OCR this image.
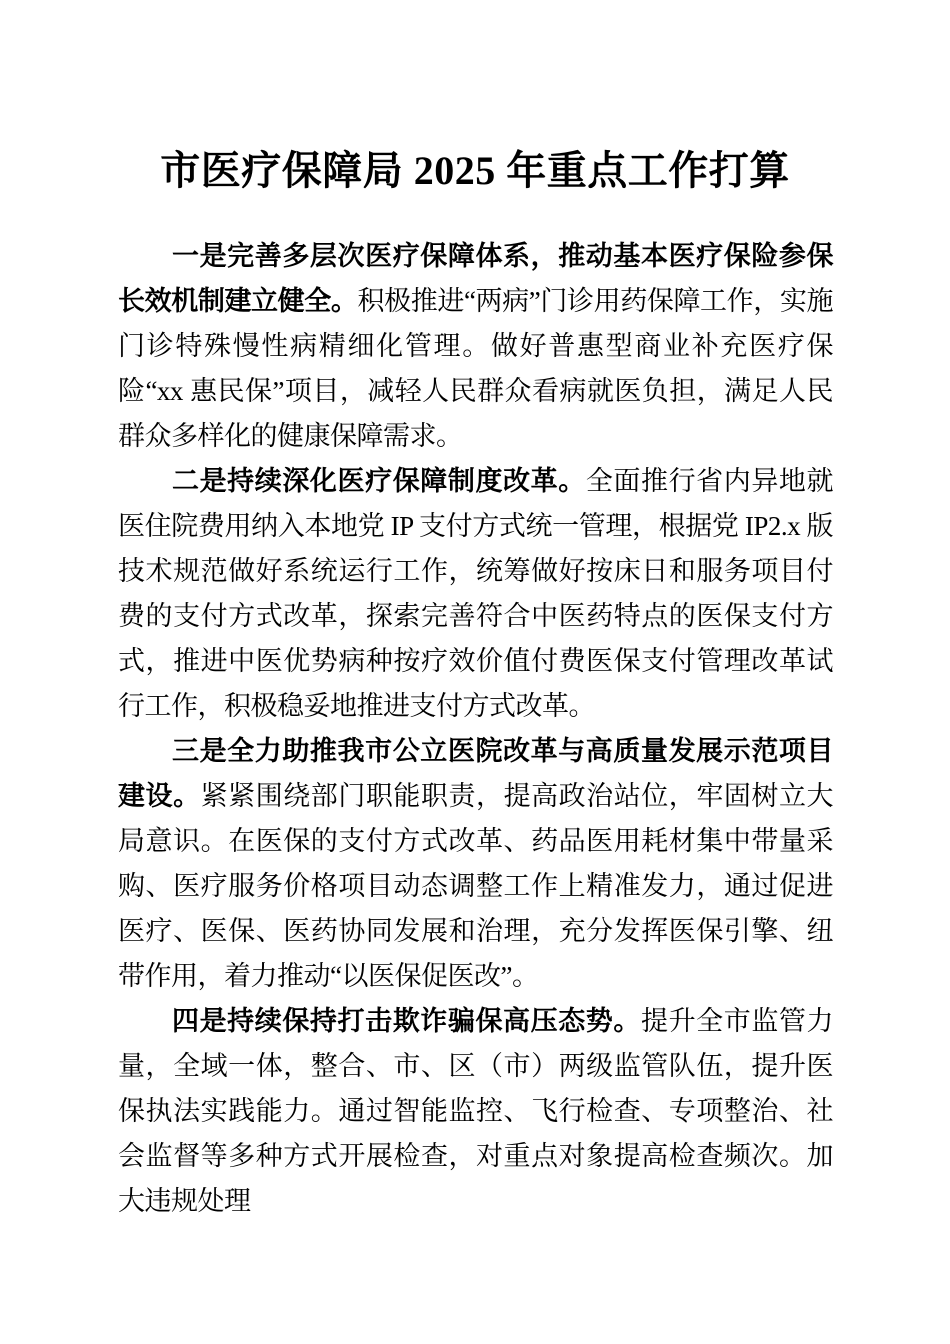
市医疗保障局 2025 年重点工作打算

一是完善多层次医疗保障体系，推动基本医疗保险参保长效机制建立健全。积极推进“两病”门诊用药保障工作，实施门诊特殊慢性病精细化管理。做好普惠型商业补充医疗保险“xx 惠民保”项目，减轻人民群众看病就医负担，满足人民群众多样化的健康保障需求。

二是持续深化医疗保障制度改革。全面推行省内异地就医住院费用纳入本地党 IP 支付方式统一管理，根据党 IP2.x 版技术规范做好系统运行工作，统筹做好按床日和服务项目付费的支付方式改革，探索完善符合中医药特点的医保支付方式，推进中医优势病种按疗效价值付费医保支付管理改革试行工作，积极稳妥地推进支付方式改革。

三是全力助推我市公立医院改革与高质量发展示范项目建设。紧紧围绕部门职能职责，提高政治站位，牢固树立大局意识。在医保的支付方式改革、药品医用耗材集中带量采购、医疗服务价格项目动态调整工作上精准发力，通过促进医疗、医保、医药协同发展和治理，充分发挥医保引擎、纽带作用，着力推动“以医保促医改”。

四是持续保持打击欺诈骗保高压态势。提升全市监管力量，全域一体，整合、市、区（市）两级监管队伍，提升医保执法实践能力。通过智能监控、飞行检查、专项整治、社会监督等多种方式开展检查，对重点对象提高检查频次。加大违规处理
